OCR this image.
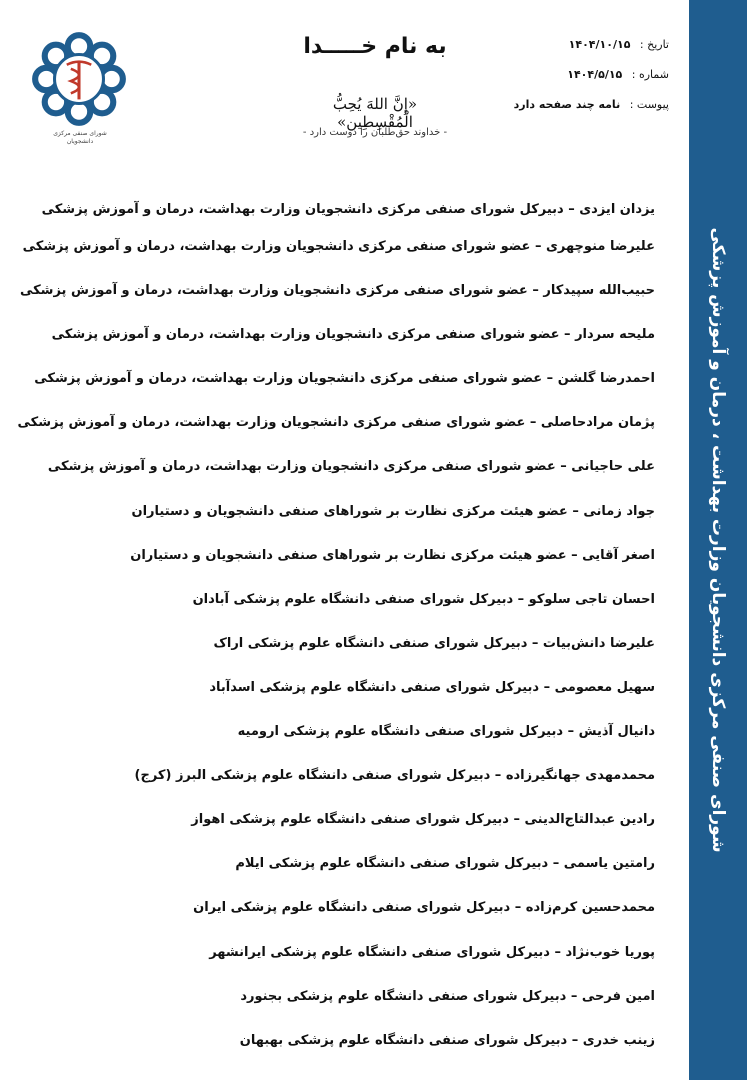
شورای صنفی مرکزی دانشجویان وزارت بهداشت ، درمان و آموزش پزشکی
شورای صنفی مرکزی دانشجویان
به نام خـــــدا
«إِنَّ اللهَ يُحِبُّ الْمُقْسِطِين»
- خداوند حق‌طلبان را دوست دارد -
تاریخ : ۱۴۰۴/۱۰/۱۵
شماره : ۱۴۰۴/۵/۱۵
پیوست : نامه چند صفحه دارد
یزدان ایزدی – دبیرکل شورای صنفی مرکزی دانشجویان وزارت بهداشت، درمان و آموزش پزشکی
علیرضا منوچهری – عضو شورای صنفی مرکزی دانشجویان وزارت بهداشت، درمان و آموزش پزشکی
حبیب‌الله سپیدکار – عضو شورای صنفی مرکزی دانشجویان وزارت بهداشت، درمان و آموزش پزشکی
ملیحه سردار – عضو شورای صنفی مرکزی دانشجویان وزارت بهداشت، درمان و آموزش پزشکی
احمدرضا گلشن – عضو شورای صنفی مرکزی دانشجویان وزارت بهداشت، درمان و آموزش پزشکی
پژمان مرادحاصلی – عضو شورای صنفی مرکزی دانشجویان وزارت بهداشت، درمان و آموزش پزشکی
علی حاجیانی – عضو شورای صنفی مرکزی دانشجویان وزارت بهداشت، درمان و آموزش پزشکی
جواد زمانی – عضو هیئت مرکزی نظارت بر شوراهای صنفی دانشجویان و دستیاران
اصغر آقایی – عضو هیئت مرکزی نظارت بر شوراهای صنفی دانشجویان و دستیاران
احسان تاجی سلوکو – دبیرکل شورای صنفی دانشگاه علوم پزشکی آبادان
علیرضا دانش‌بیات – دبیرکل شورای صنفی دانشگاه علوم پزشکی اراک
سهیل معصومی – دبیرکل شورای صنفی دانشگاه علوم پزشکی اسدآباد
دانیال آذیش – دبیرکل شورای صنفی دانشگاه علوم پزشکی ارومیه
محمدمهدی جهانگیرزاده – دبیرکل شورای صنفی دانشگاه علوم پزشکی البرز (کرج)
رادین عبدالتاج‌الدینی – دبیرکل شورای صنفی دانشگاه علوم پزشکی اهواز
رامتین یاسمی – دبیرکل شورای صنفی دانشگاه علوم پزشکی ایلام
محمدحسین کرم‌زاده – دبیرکل شورای صنفی دانشگاه علوم پزشکی ایران
پوریا خوب‌نژاد – دبیرکل شورای صنفی دانشگاه علوم پزشکی ایرانشهر
امین فرحی – دبیرکل شورای صنفی دانشگاه علوم پزشکی بجنورد
زینب خدری – دبیرکل شورای صنفی دانشگاه علوم پزشکی بهبهان
